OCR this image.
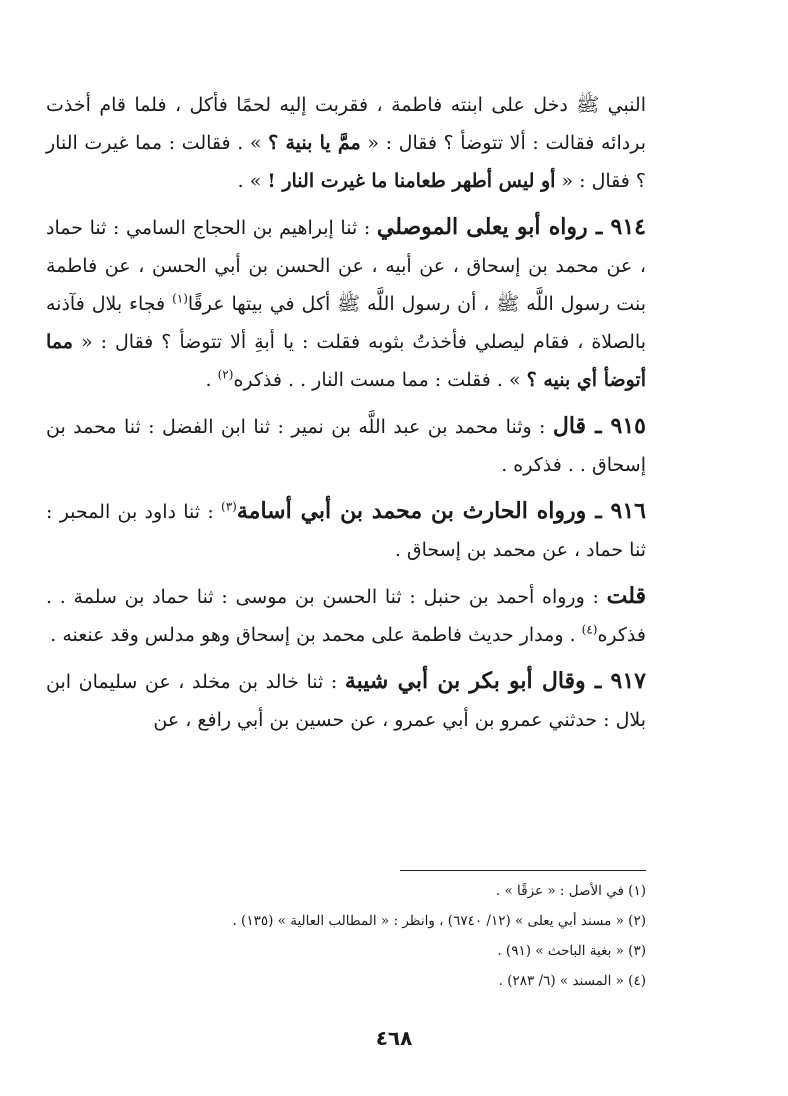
النبي ﷺ دخل على ابنته فاطمة ، فقربت إليه لحمًا فأكل ، فلما قام أخذت بردائه فقالت : ألا تتوضأ ؟ فقال : « ممَّ يا بنية ؟ » . فقالت : مما غيرت النار ؟ فقال : « أو ليس أطهر طعامنا ما غيرت النار ! » .

٩١٤ ـ رواه أبو يعلى الموصلي : ثنا إبراهيم بن الحجاج السامي : ثنا حماد ، عن محمد بن إسحاق ، عن أبيه ، عن الحسن بن أبي الحسن ، عن فاطمة بنت رسول اللَّه ﷺ ، أن رسول اللَّه ﷺ أكل في بيتها عرقًا$^{(١)}$ فجاء بلال فآذنه بالصلاة ، فقام ليصلي فأخذتُ بثوبه فقلت : يا أبةِ ألا تتوضأ ؟ فقال : « مما أتوضأ أي بنيه ؟ » . فقلت : مما مست النار . . فذكره$^{(٢)}$ .

٩١٥ ـ قال : وثنا محمد بن عبد اللَّه بن نمير : ثنا ابن الفضل : ثنا محمد بن إسحاق . . فذكره .

٩١٦ ـ ورواه الحارث بن محمد بن أبي أسامة$^{(٣)}$ : ثنا داود بن المحبر : ثنا حماد ، عن محمد بن إسحاق .

قلت : ورواه أحمد بن حنبل : ثنا الحسن بن موسى : ثنا حماد بن سلمة . . فذكره$^{(٤)}$ . ومدار حديث فاطمة على محمد بن إسحاق وهو مدلس وقد عنعنه .

٩١٧ ـ وقال أبو بكر بن أبي شيبة : ثنا خالد بن مخلد ، عن سليمان ابن بلال : حدثني عمرو بن أبي عمرو ، عن حسين بن أبي رافع ، عن

(١) في الأصل : « عزقًا » .
(٢) « مسند أبي يعلى » (١٢/ ٦٧٤٠) ، وانظر : « المطالب العالية » (١٣٥) .
(٣) « بغية الباحث » (٩١) .
(٤) « المسند » (٦/ ٢٨٣) .
٤٦٨
